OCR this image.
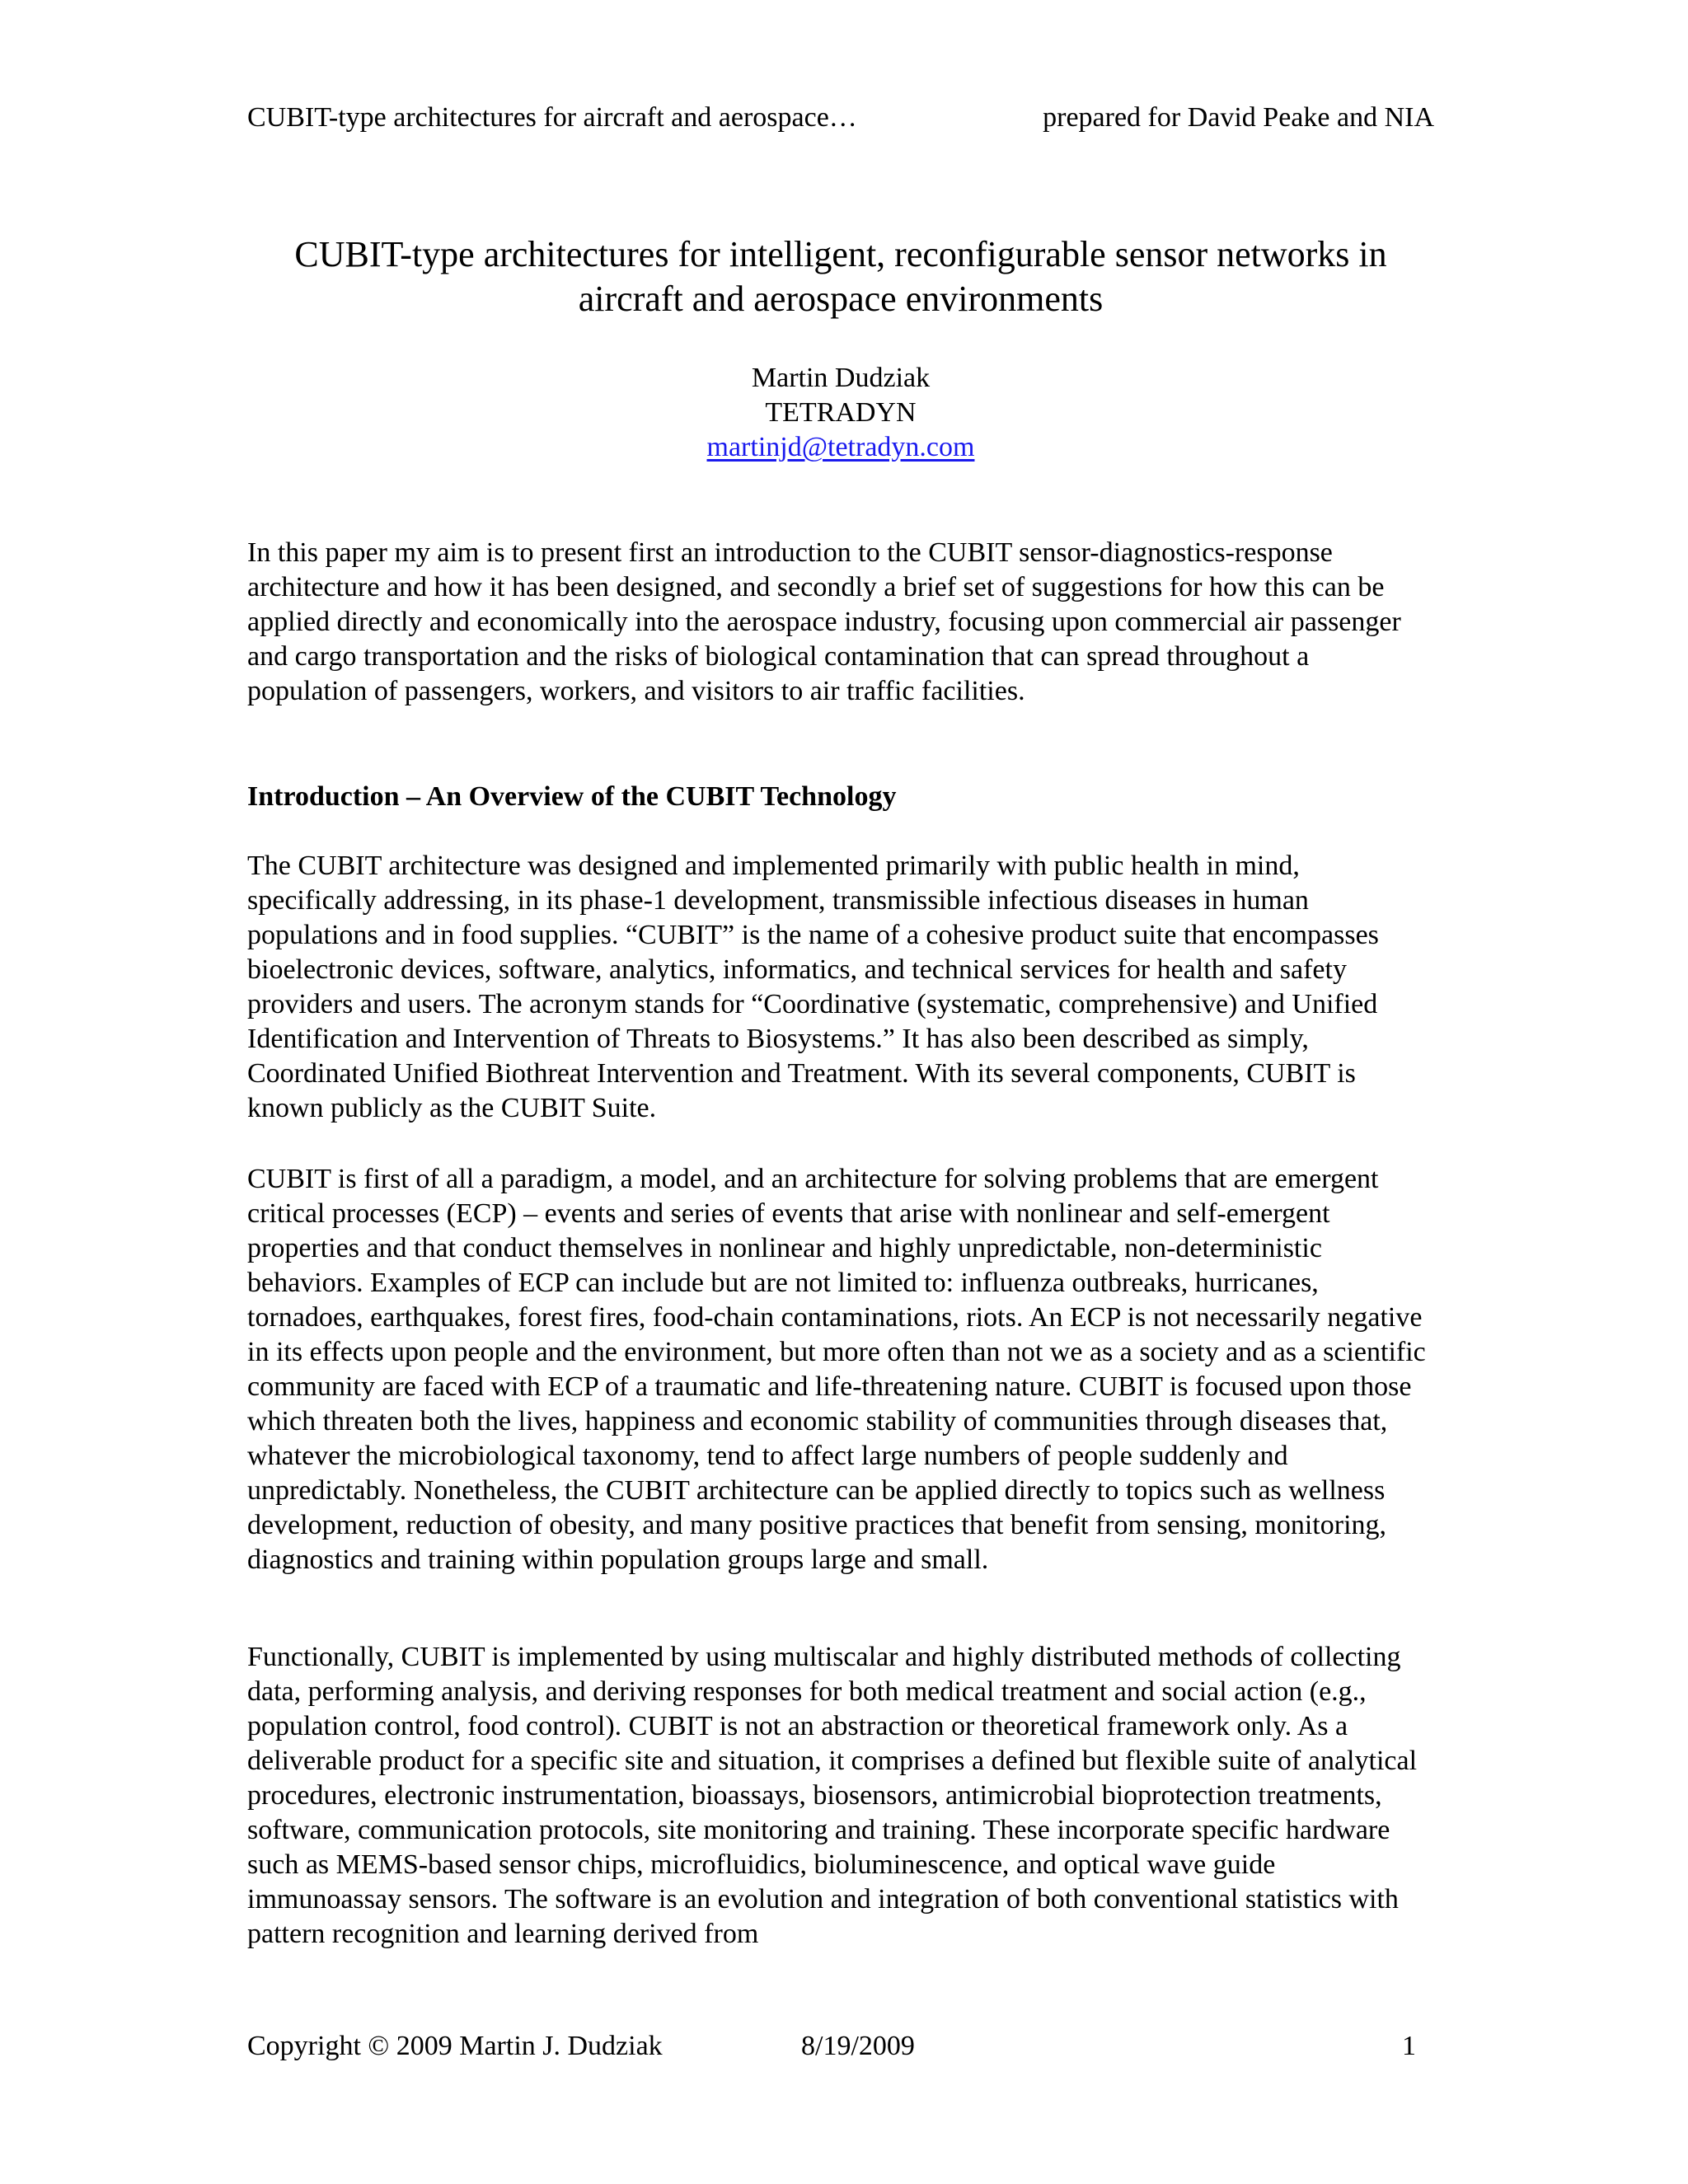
CUBIT-type architectures for aircraft and aerospace…	prepared for David Peake and NIA
CUBIT-type architectures for intelligent, reconfigurable sensor networks in
aircraft and aerospace environments
Martin Dudziak
TETRADYN
martinjd@tetradyn.com

In this paper my aim is to present first an introduction to the CUBIT sensor-diagnostics-response architecture and how it has been designed, and secondly a brief set of suggestions for how this can be applied directly and economically into the aerospace industry, focusing upon commercial air passenger and cargo transportation and the risks of biological contamination that can spread throughout a population of passengers, workers, and visitors to air traffic facilities.

Introduction – An Overview of the CUBIT Technology

The CUBIT architecture was designed and implemented primarily with public health in mind, specifically addressing, in its phase-1 development, transmissible infectious diseases in human populations and in food supplies. “CUBIT” is the name of a cohesive product suite that encompasses bioelectronic devices, software, analytics, informatics, and technical services for health and safety providers and users. The acronym stands for “Coordinative (systematic, comprehensive) and Unified Identification and Intervention of Threats to Biosystems.” It has also been described as simply, Coordinated Unified Biothreat Intervention and Treatment. With its several components, CUBIT is known publicly as the CUBIT Suite.

CUBIT is first of all a paradigm, a model, and an architecture for solving problems that are emergent critical processes (ECP) – events and series of events that arise with nonlinear and self-emergent properties and that conduct themselves in nonlinear and highly unpredictable, non-deterministic behaviors. Examples of ECP can include but are not limited to: influenza outbreaks, hurricanes, tornadoes, earthquakes, forest fires, food-chain contaminations, riots. An ECP is not necessarily negative in its effects upon people and the environment, but more often than not we as a society and as a scientific community are faced with ECP of a traumatic and life-threatening nature. CUBIT is focused upon those which threaten both the lives, happiness and economic stability of communities through diseases that, whatever the microbiological taxonomy, tend to affect large numbers of people suddenly and unpredictably. Nonetheless, the CUBIT architecture can be applied directly to topics such as wellness development, reduction of obesity, and many positive practices that benefit from sensing, monitoring, diagnostics and training within population groups large and small.

Functionally, CUBIT is implemented by using multiscalar and highly distributed methods of collecting data, performing analysis, and deriving responses for both medical treatment and social action (e.g., population control, food control). CUBIT is not an abstraction or theoretical framework only. As a deliverable product for a specific site and situation, it comprises a defined but flexible suite of analytical procedures, electronic instrumentation, bioassays, biosensors, antimicrobial bioprotection treatments, software, communication protocols, site monitoring and training. These incorporate specific hardware such as MEMS-based sensor chips, microfluidics, bioluminescence, and optical wave guide immunoassay sensors. The software is an evolution and integration of both conventional statistics with pattern recognition and learning derived from

Copyright © 2009 Martin J. Dudziak	8/19/2009	1
